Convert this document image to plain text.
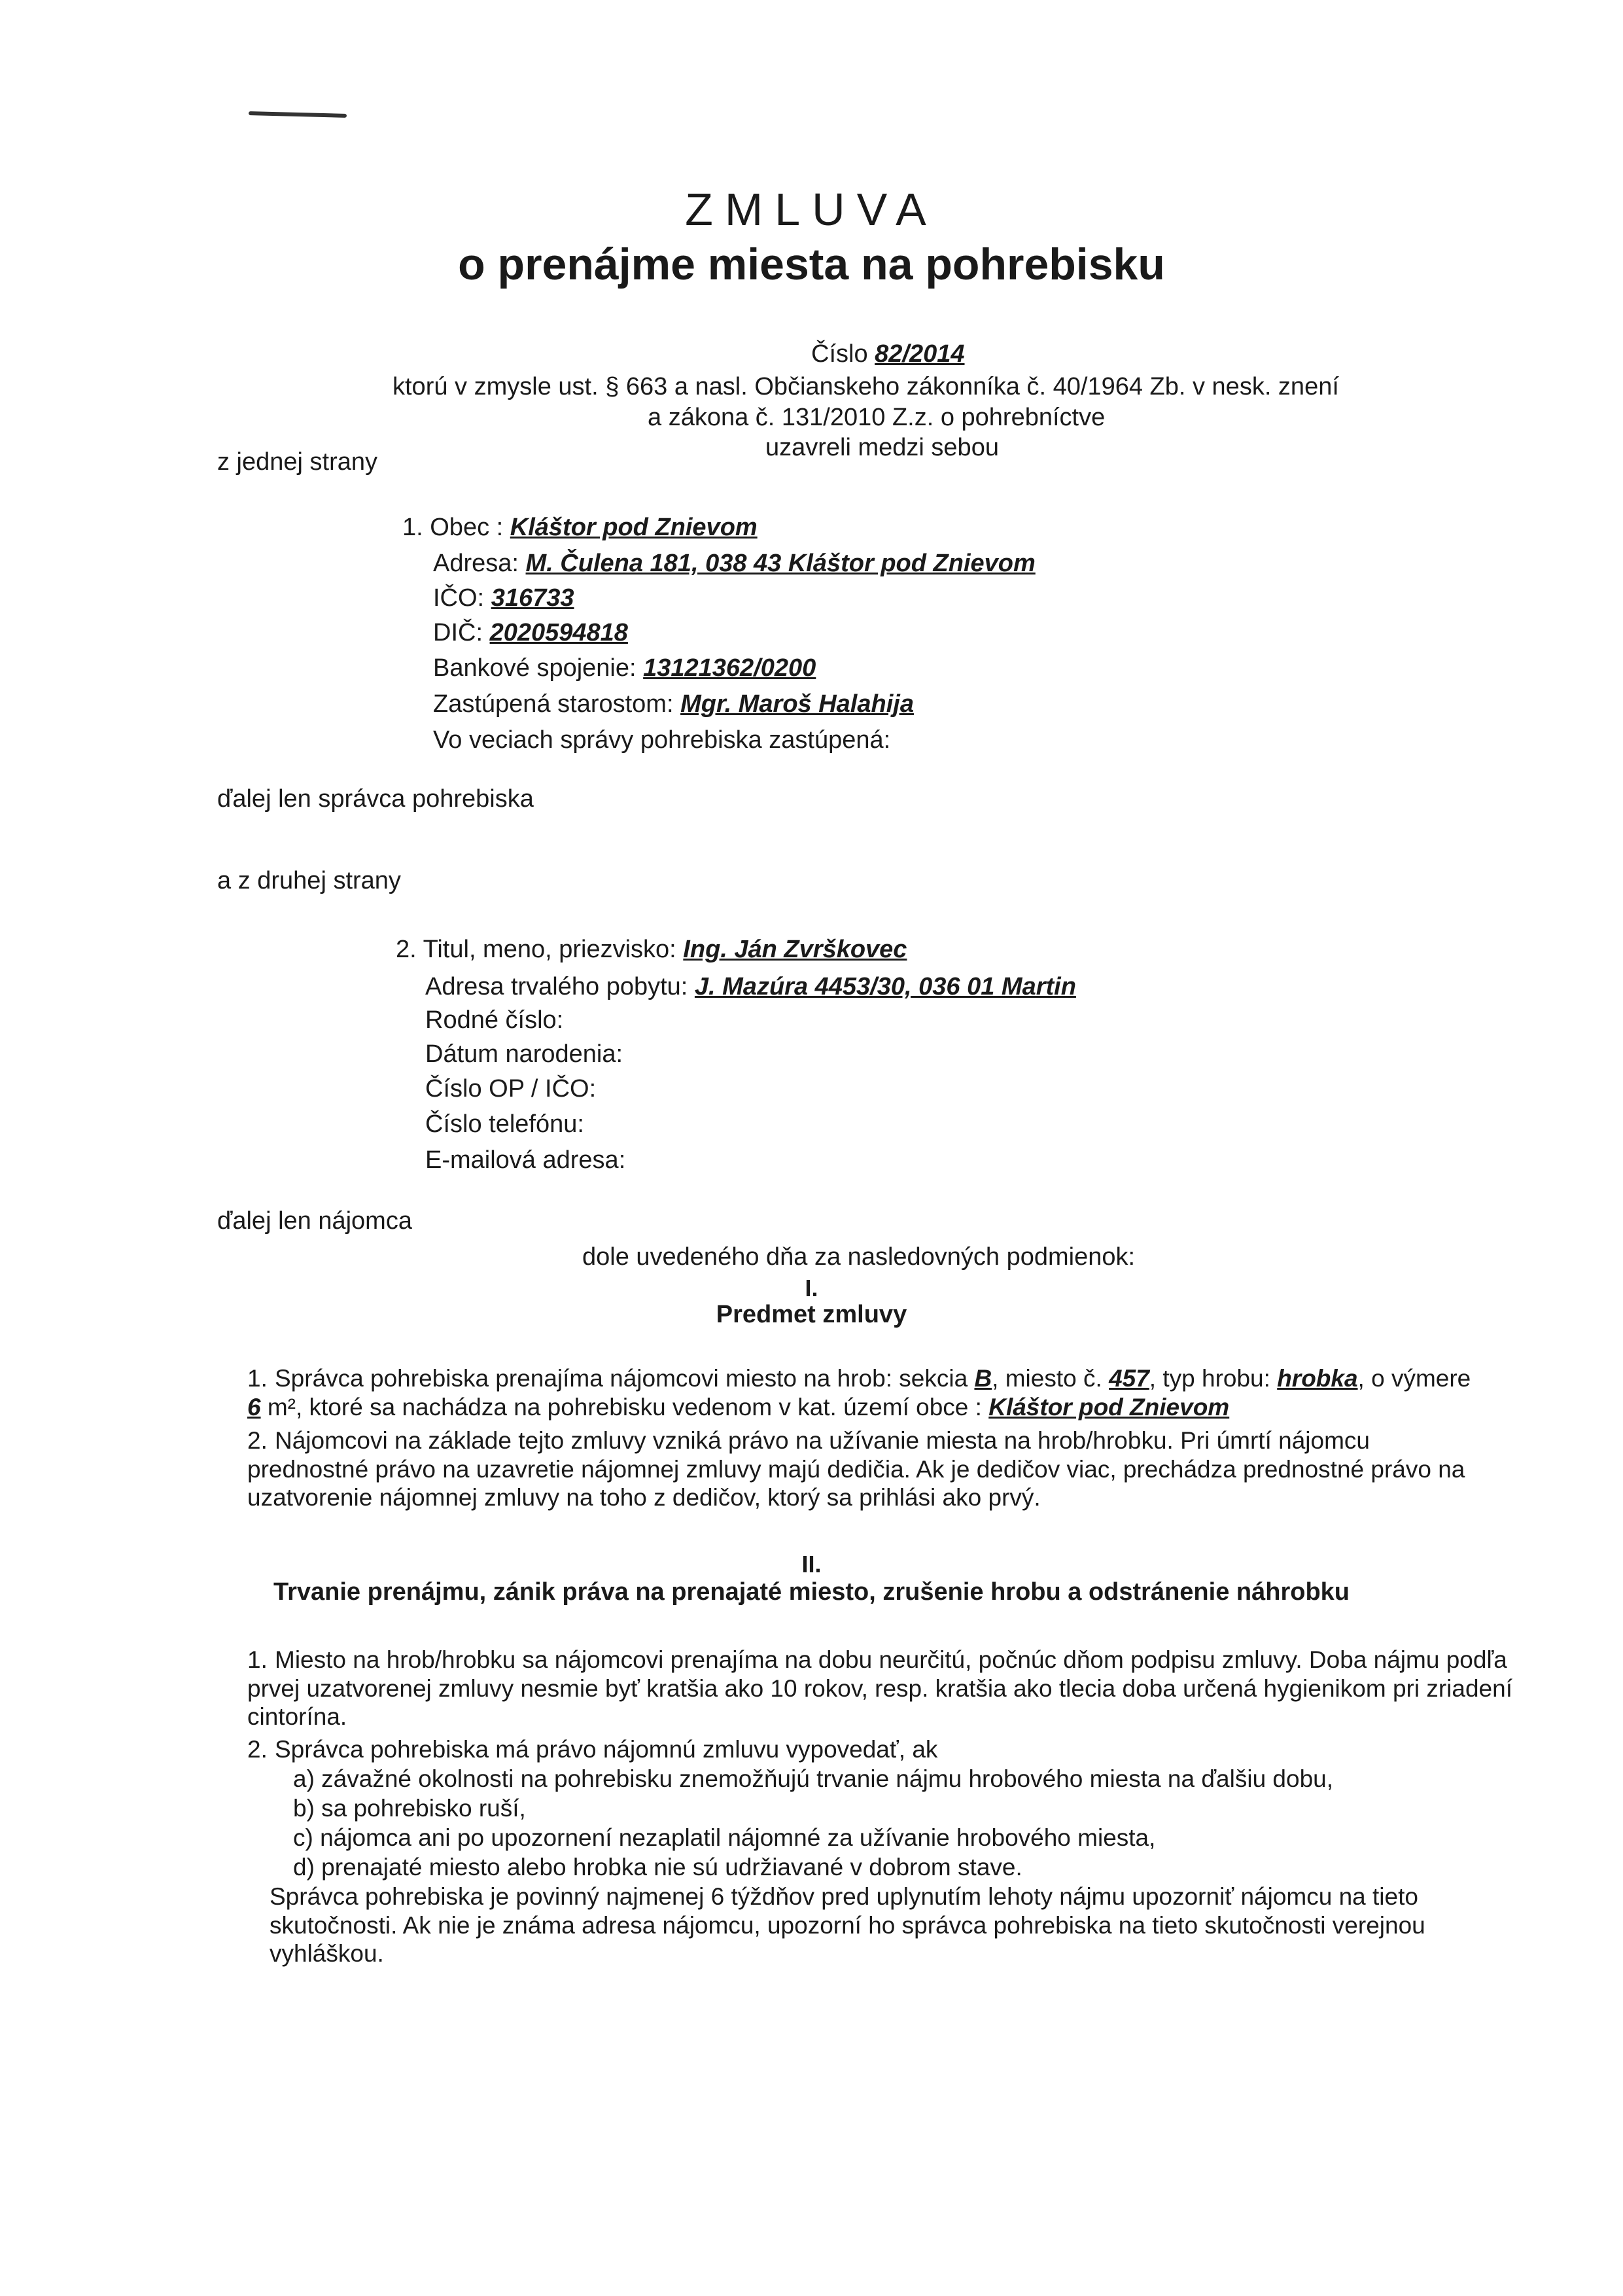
ZMLUVA
o prenájme miesta na pohrebisku
Číslo 82/2014
ktorú v zmysle ust. § 663 a nasl. Občianskeho zákonníka č. 40/1964 Zb. v nesk. znení
a zákona č. 131/2010 Z.z. o pohrebníctve
uzavreli medzi sebou
z jednej strany
1. Obec : Kláštor pod Znievom
Adresa: M. Čulena 181, 038 43 Kláštor pod Znievom
IČO: 316733
DIČ: 2020594818
Bankové spojenie: 13121362/0200
Zastúpená starostom: Mgr. Maroš Halahija
Vo veciach správy pohrebiska zastúpená:
ďalej len správca pohrebiska
a z druhej strany
2. Titul, meno, priezvisko: Ing. Ján Zvrškovec
Adresa trvalého pobytu: J. Mazúra 4453/30, 036 01 Martin
Rodné číslo:
Dátum narodenia:
Číslo OP / IČO:
Číslo telefónu:
E-mailová adresa:
ďalej len nájomca
dole uvedeného dňa za nasledovných podmienok:
I.
Predmet zmluvy
1. Správca pohrebiska prenajíma nájomcovi miesto na hrob: sekcia B, miesto č. 457, typ hrobu: hrobka, o výmere 6 m², ktoré sa nachádza na pohrebisku vedenom v kat. území obce : Kláštor pod Znievom
2. Nájomcovi na základe tejto zmluvy vzniká právo na užívanie miesta na hrob/hrobku. Pri úmrtí nájomcu prednostné právo na uzavretie nájomnej zmluvy majú dedičia. Ak je dedičov viac, prechádza prednostné právo na uzatvorenie nájomnej zmluvy na toho z dedičov, ktorý sa prihlási ako prvý.
II.
Trvanie prenájmu, zánik práva na prenajaté miesto, zrušenie hrobu a odstránenie náhrobku
1. Miesto na hrob/hrobku sa nájomcovi prenajíma na dobu neurčitú, počnúc dňom podpisu zmluvy. Doba nájmu podľa prvej uzatvorenej zmluvy nesmie byť kratšia ako 10 rokov, resp. kratšia ako tlecia doba určená hygienikom pri zriadení cintorína.
2. Správca pohrebiska má právo nájomnú zmluvu vypovedať, ak
a) závažné okolnosti na pohrebisku znemožňujú trvanie nájmu hrobového miesta na ďalšiu dobu,
b) sa pohrebisko ruší,
c) nájomca ani po upozornení nezaplatil nájomné za užívanie hrobového miesta,
d) prenajaté miesto alebo hrobka nie sú udržiavané v dobrom stave.
Správca pohrebiska je povinný najmenej 6 týždňov pred uplynutím lehoty nájmu upozorniť nájomcu na tieto skutočnosti. Ak nie je známa adresa nájomcu, upozorní ho správca pohrebiska na tieto skutočnosti verejnou vyhláškou.
